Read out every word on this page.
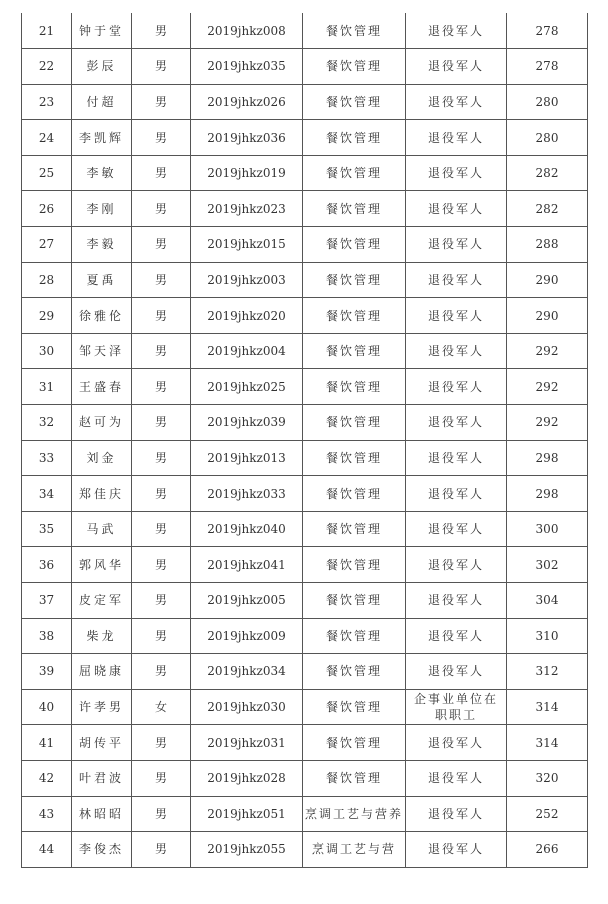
21	钟于堂	男	2019jhkz008	餐饮管理	退役军人	278
22	彭辰	男	2019jhkz035	餐饮管理	退役军人	278
23	付超	男	2019jhkz026	餐饮管理	退役军人	280
24	李凯辉	男	2019jhkz036	餐饮管理	退役军人	280
25	李敏	男	2019jhkz019	餐饮管理	退役军人	282
26	李刚	男	2019jhkz023	餐饮管理	退役军人	282
27	李毅	男	2019jhkz015	餐饮管理	退役军人	288
28	夏禹	男	2019jhkz003	餐饮管理	退役军人	290
29	徐雅伦	男	2019jhkz020	餐饮管理	退役军人	290
30	邹天泽	男	2019jhkz004	餐饮管理	退役军人	292
31	王盛春	男	2019jhkz025	餐饮管理	退役军人	292
32	赵可为	男	2019jhkz039	餐饮管理	退役军人	292
33	刘金	男	2019jhkz013	餐饮管理	退役军人	298
34	郑佳庆	男	2019jhkz033	餐饮管理	退役军人	298
35	马武	男	2019jhkz040	餐饮管理	退役军人	300
36	郭风华	男	2019jhkz041	餐饮管理	退役军人	302
37	皮定军	男	2019jhkz005	餐饮管理	退役军人	304
38	柴龙	男	2019jhkz009	餐饮管理	退役军人	310
39	屈晓康	男	2019jhkz034	餐饮管理	退役军人	312
40	许孝男	女	2019jhkz030	餐饮管理	企事业单位在职职工	314
41	胡传平	男	2019jhkz031	餐饮管理	退役军人	314
42	叶君波	男	2019jhkz028	餐饮管理	退役军人	320
43	林昭昭	男	2019jhkz051	烹调工艺与营养	退役军人	252
44	李俊杰	男	2019jhkz055	烹调工艺与营	退役军人	266
